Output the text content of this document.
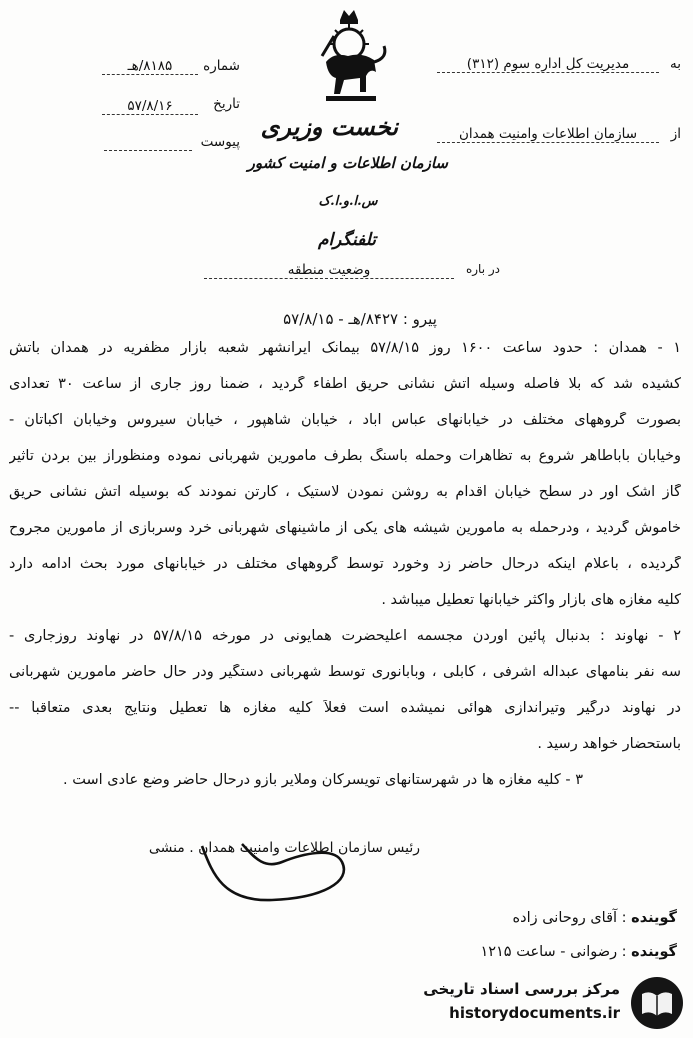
به
مدیریت کل اداره سوم (۳۱۲)
از
سازمان اطلاعات وامنیت همدان
شماره
۸۱۸۵/هـ
تاریخ
۵۷/۸/۱۶
پیوست
نخست وزیری
سازمان اطلاعات و امنیت کشور
س.ا.و.ا.ک
تلفنگرام
در باره
وضعیت منطقه
پیرو : ۸۴۲۷/هـ - ۵۷/۸/۱۵
۱ - همدان : حدود ساعت ۱۶۰۰ روز ۵۷/۸/۱۵ بیمانک ایرانشهر شعبه بازار مظفریه در همدان بآتش
کشیده شد که بلا فاصله وسیله آتش نشانی حریق اطفاء گردید ، ضمناً روز جاری از ساعت ۳۰ تعدادی
بصورت گروههای مختلف در خیابانهای عباس آباد ، خیابان شاهپور ، خیابان سیروس وخیابان اکباتان -
وخیابان باباطاهر شروع به تظاهرات وحمله باسنگ بطرف مامورین شهربانی نموده ومنظوراز بین بردن تاثیر
گاز اشک آور در سطح خیابان اقدام به روشن نمودن لاستیک ، کارتن نمودند که بوسیله آتش نشانی حریق
خاموش گردید ، ودرحمله به مامورین شیشه های یکی از ماشینهای شهربانی خرد وسربازی از مامورین مجروح
گردیده ، باعلام اینکه درحال حاضر زد وخورد توسط گروههای مختلف در خیابانهای مورد بحث ادامه دارد
کلیه مغازه های بازار واکثر خیابانها تعطیل میباشد .
۲ - نهاوند : بدنبال پائین آوردن مجسمه اعلیحضرت همایونی در مورخه ۵۷/۸/۱۵ در نهاوند روزجاری -
سه نفر بنامهای عبداله اشرفی ، کابلی ، وبابانوری توسط شهربانی دستگیر ودر حال حاضر مامورین شهربانی
در نهاوند درگیر وتیراندازی هوائی نمیشده است فعلاً کلیه مغازه ها تعطیل ونتایج بعدی متعاقباً --
باستحضار خواهد رسید .
۳ - کلیه مغازه ها در شهرستانهای تویسرکان وملایر بازو درحال حاضر وضع عادی است .
رئیس سازمان اطلاعات وامنیت همدان . منشی
گوینده : آقای روحانی زاده
گوینده : رضوانی - ساعت ۱۲۱۵
مرکز بررسی اسناد تاریخی
historydocuments.ir
